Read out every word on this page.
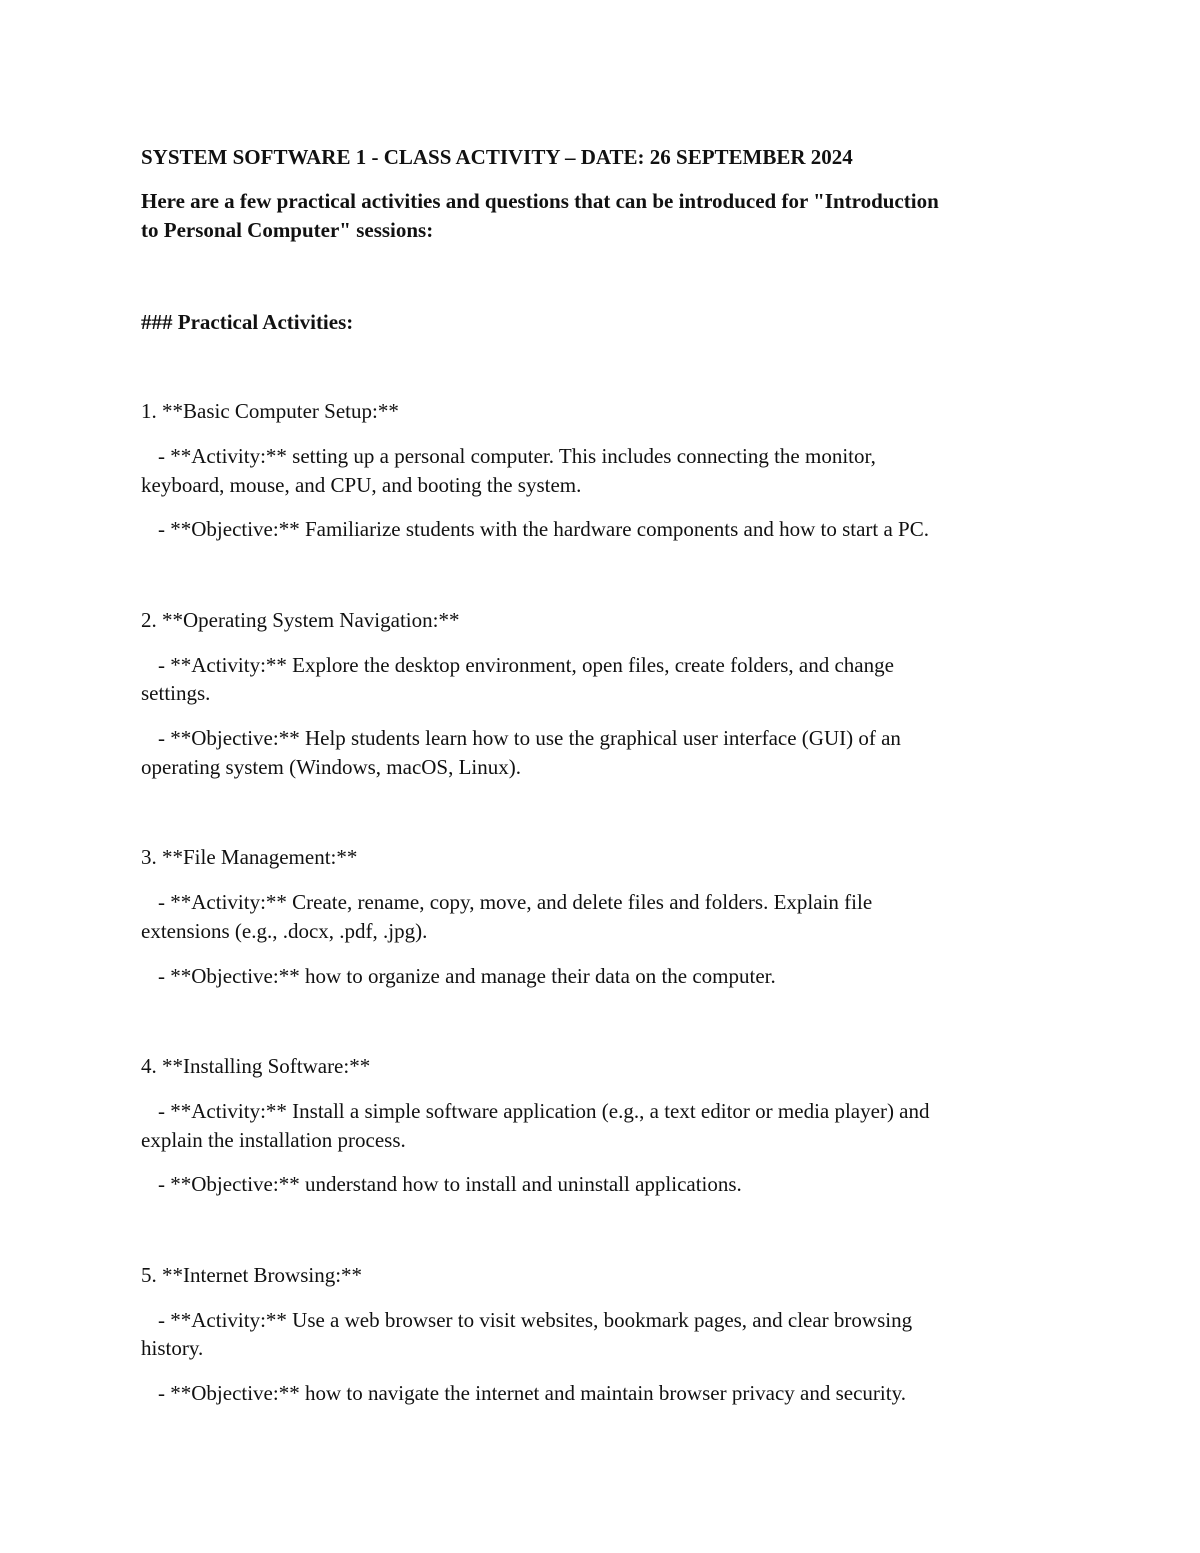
SYSTEM SOFTWARE 1 - CLASS ACTIVITY – DATE: 26 SEPTEMBER 2024
Here are a few practical activities and questions that can be introduced for "Introduction
to Personal Computer" sessions:
### Practical Activities:
1. **Basic Computer Setup:**
- **Activity:** setting up a personal computer. This includes connecting the monitor,
keyboard, mouse, and CPU, and booting the system.
- **Objective:** Familiarize students with the hardware components and how to start a PC.
2. **Operating System Navigation:**
- **Activity:** Explore the desktop environment, open files, create folders, and change
settings.
- **Objective:** Help students learn how to use the graphical user interface (GUI) of an
operating system (Windows, macOS, Linux).
3. **File Management:**
- **Activity:** Create, rename, copy, move, and delete files and folders. Explain file
extensions (e.g., .docx, .pdf, .jpg).
- **Objective:** how to organize and manage their data on the computer.
4. **Installing Software:**
- **Activity:** Install a simple software application (e.g., a text editor or media player) and
explain the installation process.
- **Objective:** understand how to install and uninstall applications.
5. **Internet Browsing:**
- **Activity:** Use a web browser to visit websites, bookmark pages, and clear browsing
history.
- **Objective:** how to navigate the internet and maintain browser privacy and security.
